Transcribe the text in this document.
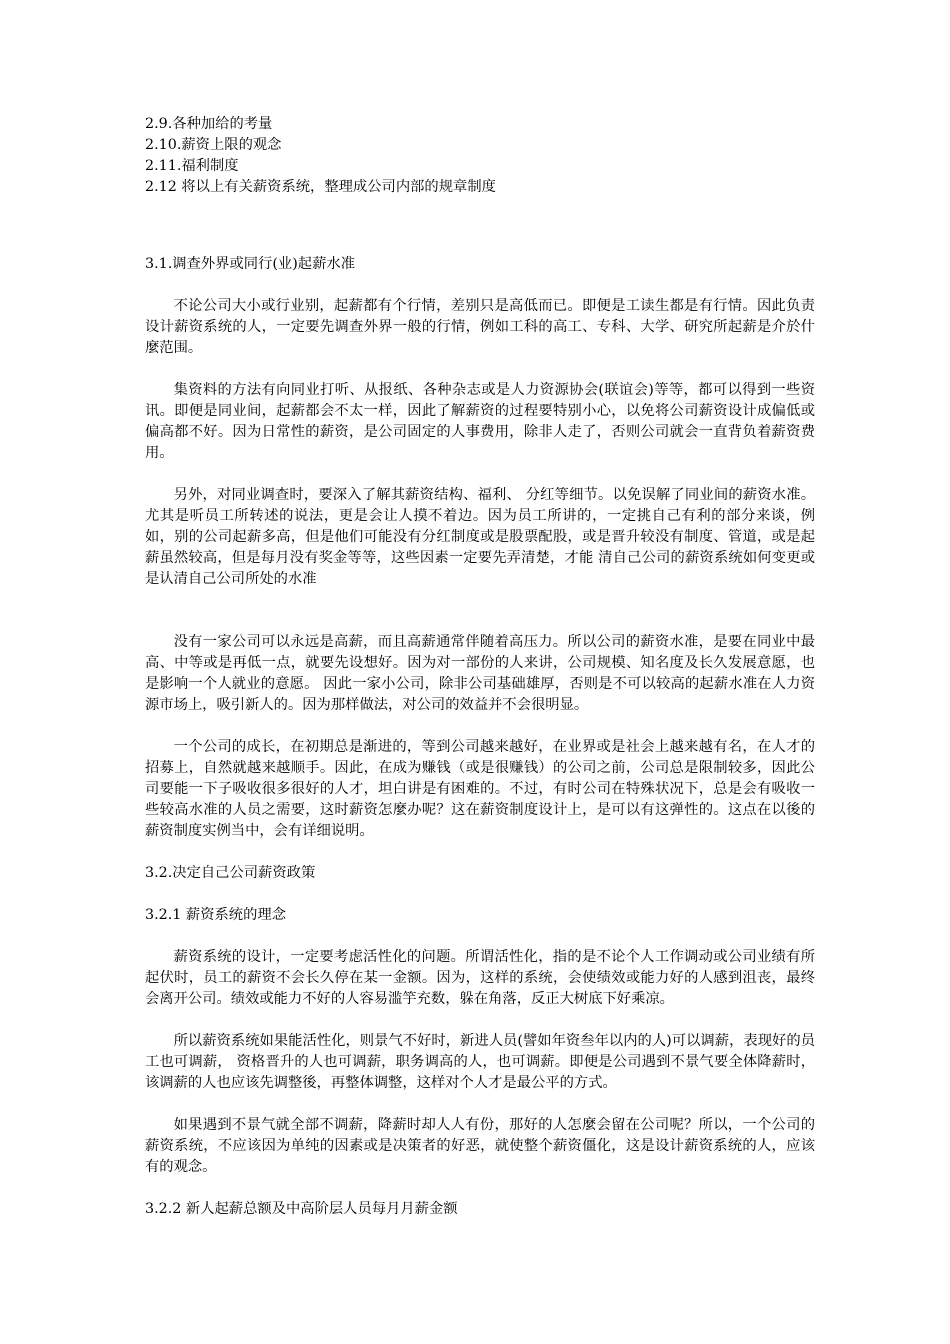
2.9.各种加给的考量

2.10.薪资上限的观念

2.11.福利制度

2.12 将以上有关薪资系统，整理成公司内部的规章制度

3.1.调查外界或同行(业)起薪水准

不论公司大小或行业别，起薪都有个行情，差别只是高低而已。即便是工读生都是有行情。因此负责设计薪资系统的人，一定要先调查外界一般的行情，例如工科的高工、专科、大学、研究所起薪是介於什麼范围。

集资料的方法有向同业打听、从报纸、各种杂志或是人力资源协会(联谊会)等等，都可以得到一些资讯。即便是同业间，起薪都会不太一样，因此了解薪资的过程要特别小心，以免将公司薪资设计成偏低或偏高都不好。因为日常性的薪资，是公司固定的人事费用，除非人走了，否则公司就会一直背负着薪资费用。

另外，对同业调查时，要深入了解其薪资结构、福利、 分红等细节。以免误解了同业间的薪资水准。尤其是听员工所转述的说法，更是会让人摸不着边。因为员工所讲的，一定挑自己有利的部分来谈，例如，别的公司起薪多高，但是他们可能没有分红制度或是股票配股，或是晋升较没有制度、管道，或是起薪虽然较高，但是每月没有奖金等等，这些因素一定要先弄清楚，才能 清自己公司的薪资系统如何变更或是认清自己公司所处的水准

没有一家公司可以永远是高薪，而且高薪通常伴随着高压力。所以公司的薪资水准，是要在同业中最高、中等或是再低一点，就要先设想好。因为对一部份的人来讲，公司规模、知名度及长久发展意愿，也是影响一个人就业的意愿。 因此一家小公司，除非公司基础雄厚，否则是不可以较高的起薪水准在人力资源市场上，吸引新人的。因为那样做法，对公司的效益并不会很明显。

一个公司的成长，在初期总是渐进的，等到公司越来越好，在业界或是社会上越来越有名，在人才的招募上，自然就越来越顺手。因此，在成为赚钱（或是很赚钱）的公司之前，公司总是限制较多，因此公司要能一下子吸收很多很好的人才，坦白讲是有困难的。不过，有时公司在特殊状况下，总是会有吸收一些较高水准的人员之需要，这时薪资怎麼办呢？这在薪资制度设计上，是可以有这弹性的。这点在以後的薪资制度实例当中，会有详细说明。

3.2.决定自己公司薪资政策

3.2.1 薪资系统的理念

薪资系统的设计，一定要考虑活性化的问题。所谓活性化，指的是不论个人工作调动或公司业绩有所起伏时，员工的薪资不会长久停在某一金额。因为，这样的系统，会使绩效或能力好的人感到沮丧，最终会离开公司。绩效或能力不好的人容易滥竽充数，躲在角落，反正大树底下好乘凉。

所以薪资系统如果能活性化，则景气不好时，新进人员(譬如年资叁年以内的人)可以调薪，表现好的员工也可调薪， 资格晋升的人也可调薪，职务调高的人，也可调薪。即便是公司遇到不景气要全体降薪时，该调薪的人也应该先调整後，再整体调整，这样对个人才是最公平的方式。

如果遇到不景气就全部不调薪，降薪时却人人有份，那好的人怎麼会留在公司呢？所以，一个公司的薪资系统，不应该因为单纯的因素或是决策者的好恶，就使整个薪资僵化，这是设计薪资系统的人，应该有的观念。

3.2.2 新人起薪总额及中高阶层人员每月月薪金额
